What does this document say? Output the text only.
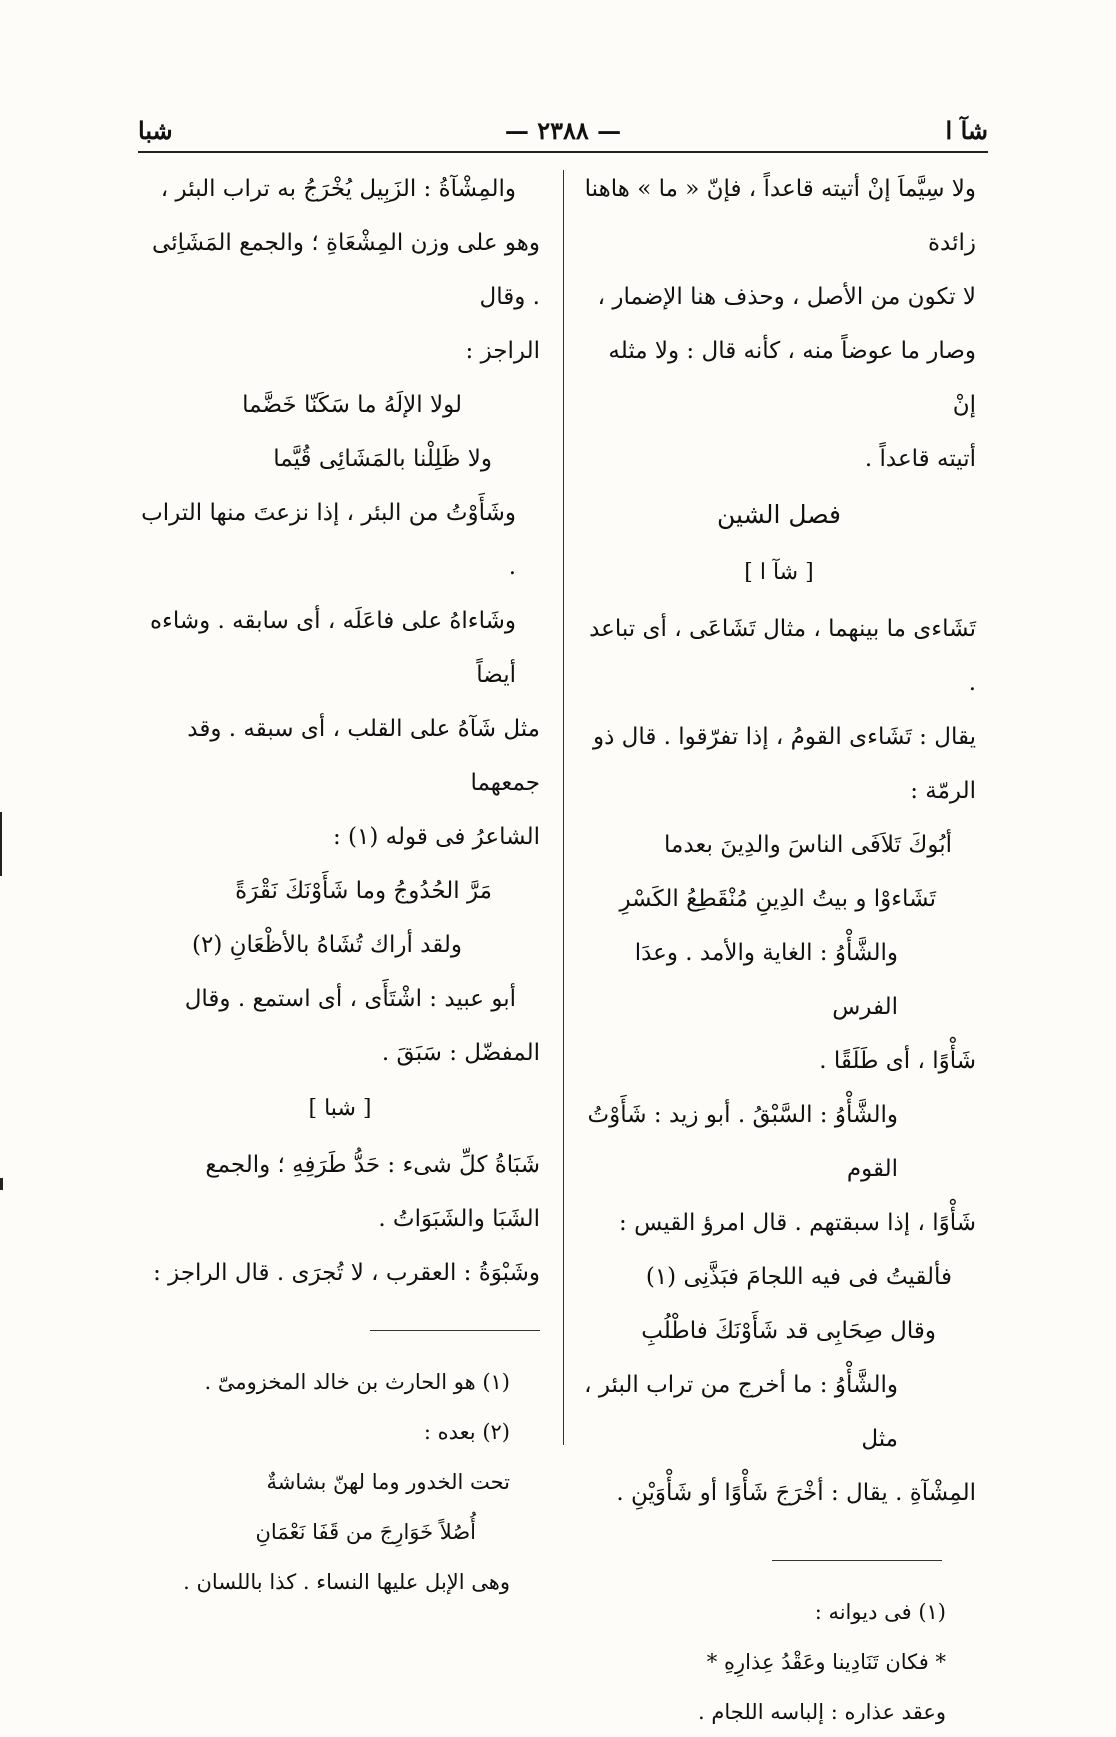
شآ ا
— ٢٣٨٨ —
شبا

ولا سِيَّماَ إنْ أتيته قاعداً ، فإنّ « ما » هاهنا زائدة

لا تكون من الأصل ، وحذف هنا الإضمار ،

وصار ما عوضاً منه ، كأنه قال : ولا مثله إنْ

أتيته قاعداً .

فصل الشين

[ شآ ا ]

تَشَاءى ما بينهما ، مثال تَشَاعَى ، أى تباعد .

يقال : تَشَاءى القومُ ، إذا تفرّقوا . قال ذو الرمّة :

أبُوكَ تَلاَفَى الناسَ والدِينَ بعدما

تَشَاءوْا و بيتُ الدِينِ مُنْقَطِعُ الكَسْرِ

والشَّأْوُ : الغاية والأمد . وعدَا الفرس

شَأْوًا ، أى طَلَقًا .

والشَّأْوُ : السَّبْقُ . أبو زيد : شَأَوْتُ القوم

شَأْوًا ، إذا سبقتهم . قال امرؤ القيس :

فألقيتُ فى فيه اللجامَ فبَذَّنِى (١)

وقال صِحَابِى قد شَأَوْنَكَ فاطْلُبِ

والشَّأْوُ : ما أخرج من تراب البئر ، مثل

المِشْآةِ . يقال : أخْرَجَ شَأْوًا أو شَأْوَيْنِ .

(١) فى ديوانه :

* فكان تَنَادِينا وعَقْدُ عِذارِهِ *

وعقد عذاره : إلباسه اللجام .

والمِشْآةُ : الزَبِيل يُخْرَجُ به تراب البئر ،

وهو على وزن المِشْعَاةِ ؛ والجمع المَشَاِئى . وقال

الراجز :

لولا الإلَهُ ما سَكَنّا خَضَّما

ولا ظَلِلْنا بالمَشَائِى قُيَّما

وشَأَوْتُ من البئر ، إذا نزعتَ منها التراب .

وشَاءاهُ على فاعَلَه ، أى سابقه . وشاءه أيضاً

مثل شَآهُ على القلب ، أى سبقه . وقد جمعهما

الشاعرُ فى قوله (١) :

مَرَّ الحُدُوجُ وما شَأَوْنَكَ نَقْرَةً

ولقد أراك تُشَاهُ بالأظْعَانِ (٢)

أبو عبيد : اشْتَأَى ، أى استمع . وقال

المفضّل : سَبَقَ .

[ شبا ]

شَبَاةُ كلِّ شىء : حَدُّ طَرَفِهِ ؛ والجمع

الشَبَا والشَبَوَاتُ .

وشَبْوَةُ : العقرب ، لا تُجرَى . قال الراجز :

(١) هو الحارث بن خالد المخزومىّ .

(٢) بعده :

تحت الخدور وما لهنّ بشاشةٌ

أُصُلاً خَوَارِجَ من قَفَا نَعْمَانِ

وهى الإبل عليها النساء . كذا باللسان .
